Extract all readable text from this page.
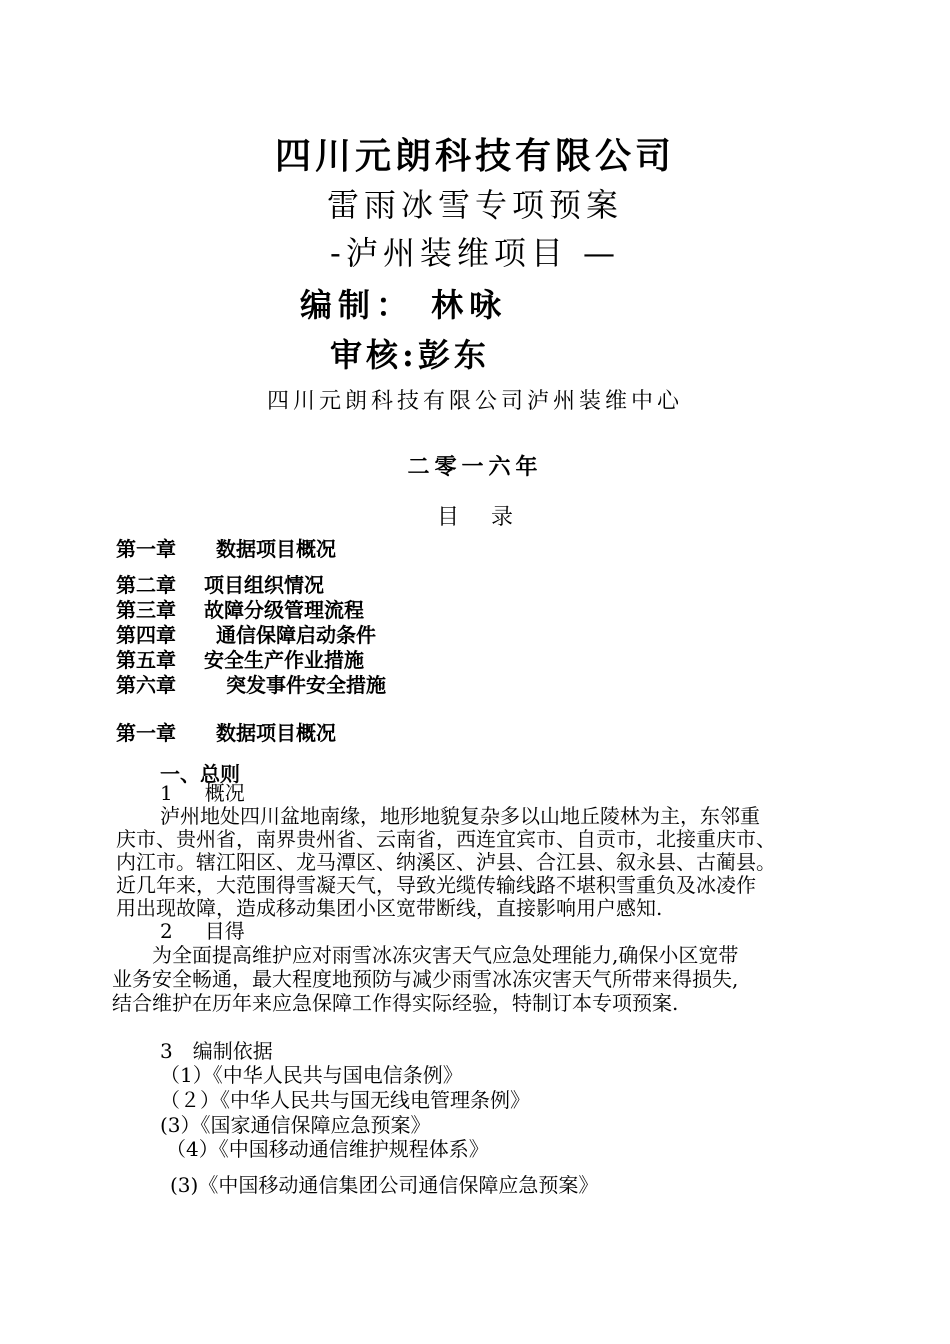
四川元朗科技有限公司
雷雨冰雪专项预案
-泸州装维项目 —
编制： 林咏
审核:彭东
四川元朗科技有限公司泸州装维中心
二零一六年
目 录
第一章 数据项目概况
第二章 项目组织情况
第三章 故障分级管理流程
第四章 通信保障启动条件
第五章 安全生产作业措施
第六章	突发事件安全措施
第一章 数据项目概况
一、总则
1 概况
泸州地处四川盆地南缘，地形地貌复杂多以山地丘陵林为主，东邻重
庆市、贵州省，南界贵州省、云南省，西连宜宾市、自贡市，北接重庆市、
内江市。辖江阳区、龙马潭区、纳溪区、泸县、合江县、叙永县、古蔺县。
近几年来，大范围得雪凝天气，导致光缆传输线路不堪积雪重负及冰凌作
用出现故障，造成移动集团小区宽带断线，直接影响用户感知.
2 目得
为全面提高维护应对雨雪冰冻灾害天气应急处理能力,确保小区宽带
业务安全畅通，最大程度地预防与减少雨雪冰冻灾害天气所带来得损失,
结合维护在历年来应急保障工作得实际经验，特制订本专项预案.
3 编制依据
（1）《中华人民共与国电信条例》
（２）《中华人民共与国无线电管理条例》
(3）《国家通信保障应急预案》
（4）《中国移动通信维护规程体系》
(3)《中国移动通信集团公司通信保障应急预案》
